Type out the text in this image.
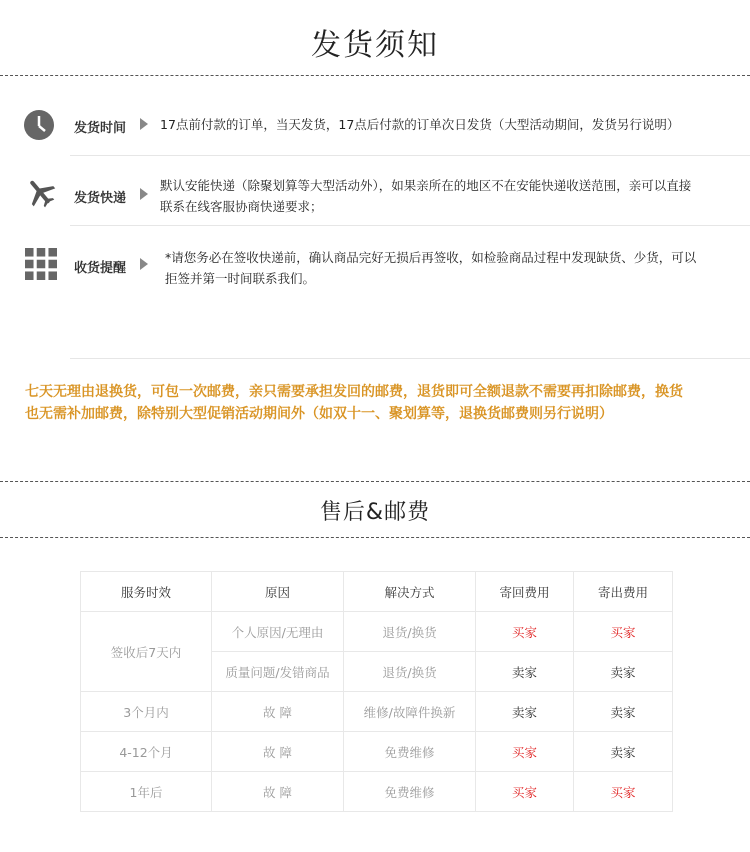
发货须知
发货时间	17点前付款的订单，当天发货，17点后付款的订单次日发货（大型活动期间，发货另行说明）
发货快递
默认安能快递（除聚划算等大型活动外），如果亲所在的地区不在安能快递收送范围，亲可以直接
联系在线客服协商快递要求；
收货提醒
*请您务必在签收快递前，确认商品完好无损后再签收，如检验商品过程中发现缺货、少货，可以
拒签并第一时间联系我们。
七天无理由退换货，可包一次邮费，亲只需要承担发回的邮费，退货即可全额退款不需要再扣除邮费，换货
也无需补加邮费，除特别大型促销活动期间外（如双十一、聚划算等，退换货邮费则另行说明）
售后&邮费
服务时效	原因	解决方式	寄回费用	寄出费用
签收后7天内	个人原因/无理由	退货/换货	买家	买家
	质量问题/发错商品	退货/换货	卖家	卖家
3个月内	故 障	维修/故障件换新	卖家	卖家
4-12个月	故 障	免费维修	买家	卖家
1年后	故 障	免费维修	买家	买家
